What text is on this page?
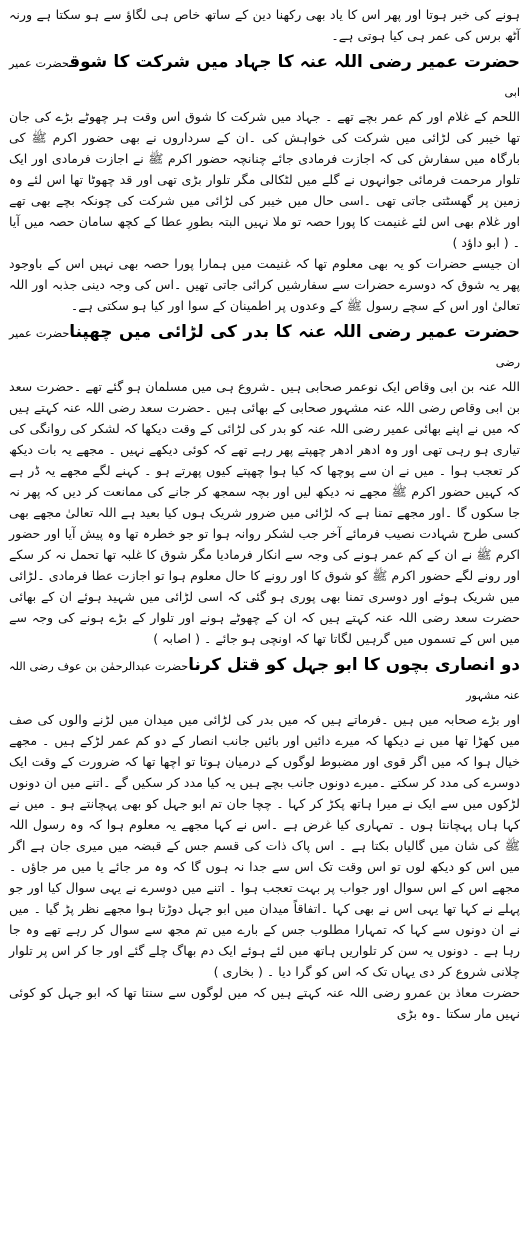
ہونے کی خبر ہوتا اور پھر اس کا یاد بھی رکھنا دین کے ساتھ خاص ہی لگاؤ سے ہو سکتا ہے ورنہ آٹھ برس کی عمر ہی کیا ہوتی ہے۔

حضرت عمیر رضی اللہ عنہ کا جہاد میں شرکت کا شوقحضرت عمیر ابی

اللحم کے غلام اور کم عمر بچے تھے ۔ جہاد میں شرکت کا شوق اس وقت ہر چھوٹے بڑے کی جان تھا خیبر کی لڑائی میں شرکت کی خواہش کی ۔ان کے سرداروں نے بھی حضور اکرم ﷺ کی بارگاہ میں سفارش کی کہ اجازت فرمادی جائے چنانچہ حضور اکرم ﷺ نے اجازت فرمادی اور ایک تلوار مرحمت فرمائی جوانہوں نے گلے میں لٹکالی مگر تلوار بڑی تھی اور قد چھوٹا تھا اس لئے وہ زمین پر گھسٹتی جاتی تھی ۔اسی حال میں خیبر کی لڑائی میں شرکت کی چونکہ بچے بھی تھے اور غلام بھی اس لئے غنیمت کا پورا حصہ تو ملا نہیں البتہ بطورِ عطا کے کچھ سامان حصہ میں آیا ۔ ( ابو داؤد )

ان جیسے حضرات کو یہ بھی معلوم تھا کہ غنیمت میں ہمارا پورا حصہ بھی نہیں اس کے باوجود پھر یہ شوق کہ دوسرے حضرات سے سفارشیں کرائی جاتی تھیں ۔اس کی وجہ دینی جذبہ اور اللہ تعالیٰ اور اس کے سچے رسول ﷺ کے وعدوں پر اطمینان کے سوا اور کیا ہو سکتی ہے۔

حضرت عمیر رضی اللہ عنہ کا بدر کی لڑائی میں چھپناحضرت عمیر رضی

اللہ عنہ بن ابی وقاص ایک نوعمر صحابی ہیں ۔شروع ہی میں مسلمان ہو گئے تھے ۔حضرت سعد بن ابی وقاص رضی اللہ عنہ مشہور صحابی کے بھائی ہیں ۔حضرت سعد رضی اللہ عنہ کہتے ہیں کہ میں نے اپنے بھائی عمیر رضی اللہ عنہ کو بدر کی لڑائی کے وقت دیکھا کہ لشکر کی روانگی کی تیاری ہو رہی تھی اور وہ ادھر ادھر چھپتے پھر رہے تھے کہ کوئی دیکھے نہیں ۔ مجھے یہ بات دیکھ کر تعجب ہوا ۔ میں نے ان سے پوچھا کہ کیا ہوا چھپتے کیوں پھرتے ہو ۔ کہنے لگے مجھے یہ ڈر ہے کہ کہیں حضور اکرم ﷺ مجھے نہ دیکھ لیں اور بچہ سمجھ کر جانے کی ممانعت کر دیں کہ پھر نہ جا سکوں گا ۔اور مجھے تمنا ہے کہ لڑائی میں ضرور شریک ہوں کیا بعید ہے اللہ تعالیٰ مجھے بھی کسی طرح شہادت نصیب فرمائے آخر جب لشکر روانہ ہوا تو جو خطرہ تھا وہ پیش آیا اور حضور اکرم ﷺ نے ان کے کم عمر ہونے کی وجہ سے انکار فرمادیا مگر شوق کا غلبہ تھا تحمل نہ کر سکے اور رونے لگے حضور اکرم ﷺ کو شوق کا اور رونے کا حال معلوم ہوا تو اجازت عطا فرمادی ۔لڑائی میں شریک ہوئے اور دوسری تمنا بھی پوری ہو گئی کہ اسی لڑائی میں شہید ہوئے ان کے بھائی حضرت سعد رضی اللہ عنہ کہتے ہیں کہ ان کے چھوٹے ہونے اور تلوار کے بڑے ہونے کی وجہ سے میں اس کے تسموں میں گرہیں لگاتا تھا کہ اونچی ہو جائے ۔ ( اصابہ )

دو انصاری بچوں کا ابو جہل کو قتل کرناحضرت عبدالرحمٰن بن عوف رضی اللہ عنہ مشہور

اور بڑے صحابہ میں ہیں ۔فرماتے ہیں کہ میں بدر کی لڑائی میں میدان میں لڑنے والوں کی صف میں کھڑا تھا میں نے دیکھا کہ میرے دائیں اور بائیں جانب انصار کے دو کم عمر لڑکے ہیں ۔ مجھے خیال ہوا کہ میں اگر قوی اور مضبوط لوگوں کے درمیان ہوتا تو اچھا تھا کہ ضرورت کے وقت ایک دوسرے کی مدد کر سکتے ۔میرے دونوں جانب بچے ہیں یہ کیا مدد کر سکیں گے ۔اتنے میں ان دونوں لڑکوں میں سے ایک نے میرا ہاتھ پکڑ کر کہا ۔ چچا جان تم ابو جہل کو بھی پہچانتے ہو ۔ میں نے کہا ہاں پہچانتا ہوں ۔ تمہاری کیا غرض ہے ۔اس نے کہا مجھے یہ معلوم ہوا کہ وہ رسول اللہ ﷺ کی شان میں گالیاں بکتا ہے ۔ اس پاک ذات کی قسم جس کے قبضہ میں میری جان ہے اگر میں اس کو دیکھ لوں تو اس وقت تک اس سے جدا نہ ہوں گا کہ وہ مر جائے یا میں مر جاؤں ۔ مجھے اس کے اس سوال اور جواب پر بہت تعجب ہوا ۔ اتنے میں دوسرے نے یہی سوال کیا اور جو پہلے نے کہا تھا یہی اس نے بھی کہا ۔اتفاقاً میدان میں ابو جہل دوڑتا ہوا مجھے نظر پڑ گیا ۔ میں نے ان دونوں سے کہا کہ تمہارا مطلوب جس کے بارے میں تم مجھ سے سوال کر رہے تھے وہ جا رہا ہے ۔ دونوں یہ سن کر تلواریں ہاتھ میں لئے ہوئے ایک دم بھاگ چلے گئے اور جا کر اس پر تلوار چلانی شروع کر دی یہاں تک کہ اس کو گرا دیا ۔ ( بخاری )

حضرت معاذ بن عمرو رضی اللہ عنہ کہتے ہیں کہ میں لوگوں سے سنتا تھا کہ ابو جہل کو کوئی نہیں مار سکتا ۔وہ بڑی
